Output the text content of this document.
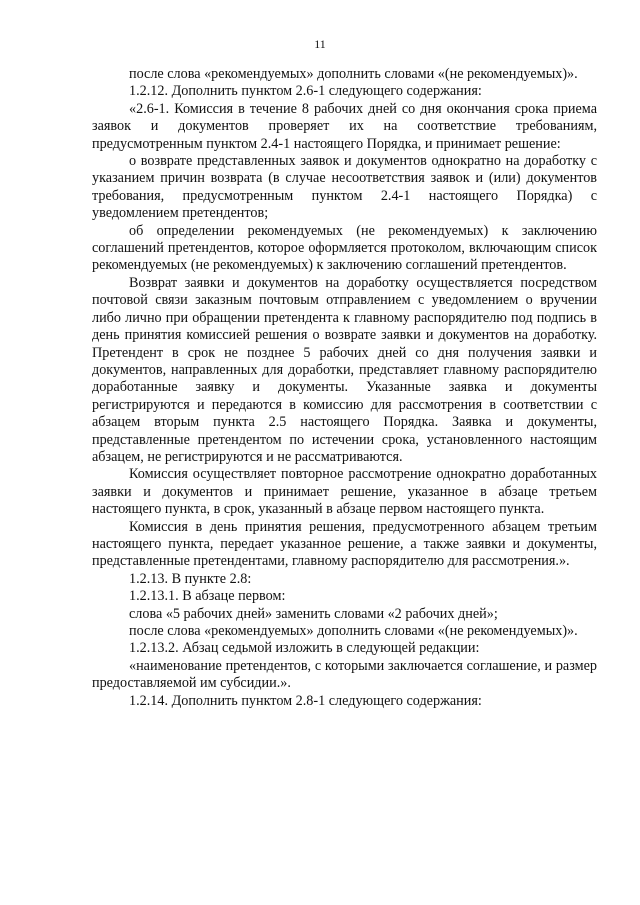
11

после слова «рекомендуемых» дополнить словами «(не рекомендуемых)».

1.2.12. Дополнить пунктом 2.6-1 следующего содержания:

«2.6-1. Комиссия в течение 8 рабочих дней со дня окончания срока приема заявок и документов проверяет их на соответствие требованиям, предусмотренным пунктом 2.4-1 настоящего Порядка, и принимает решение:

о возврате представленных заявок и документов однократно на доработку с указанием причин возврата (в случае несоответствия заявок и (или) документов требования, предусмотренным пунктом 2.4-1 настоящего Порядка) с уведомлением претендентов;

об определении рекомендуемых (не рекомендуемых) к заключению соглашений претендентов, которое оформляется протоколом, включающим список рекомендуемых (не рекомендуемых) к заключению соглашений претендентов.

Возврат заявки и документов на доработку осуществляется посредством почтовой связи заказным почтовым отправлением с уведомлением о вручении либо лично при обращении претендента к главному распорядителю под подпись в день принятия комиссией решения о возврате заявки и документов на доработку. Претендент в срок не позднее 5 рабочих дней со дня получения заявки и документов, направленных для доработки, представляет главному распорядителю доработанные заявку и документы. Указанные заявка и документы регистрируются и передаются в комиссию для рассмотрения в соответствии с абзацем вторым пункта 2.5 настоящего Порядка. Заявка и документы, представленные претендентом по истечении срока, установленного настоящим абзацем, не регистрируются и не рассматриваются.

Комиссия осуществляет повторное рассмотрение однократно доработанных заявки и документов и принимает решение, указанное в абзаце третьем настоящего пункта, в срок, указанный в абзаце первом настоящего пункта.

Комиссия в день принятия решения, предусмотренного абзацем третьим настоящего пункта, передает указанное решение, а также заявки и документы, представленные претендентами, главному распорядителю для рассмотрения.».

1.2.13. В пункте 2.8:

1.2.13.1. В абзаце первом:

слова «5 рабочих дней» заменить словами «2 рабочих дней»;

после слова «рекомендуемых» дополнить словами «(не рекомендуемых)».

1.2.13.2. Абзац седьмой изложить в следующей редакции:

«наименование претендентов, с которыми заключается соглашение, и размер предоставляемой им субсидии.».

1.2.14. Дополнить пунктом 2.8-1 следующего содержания:
